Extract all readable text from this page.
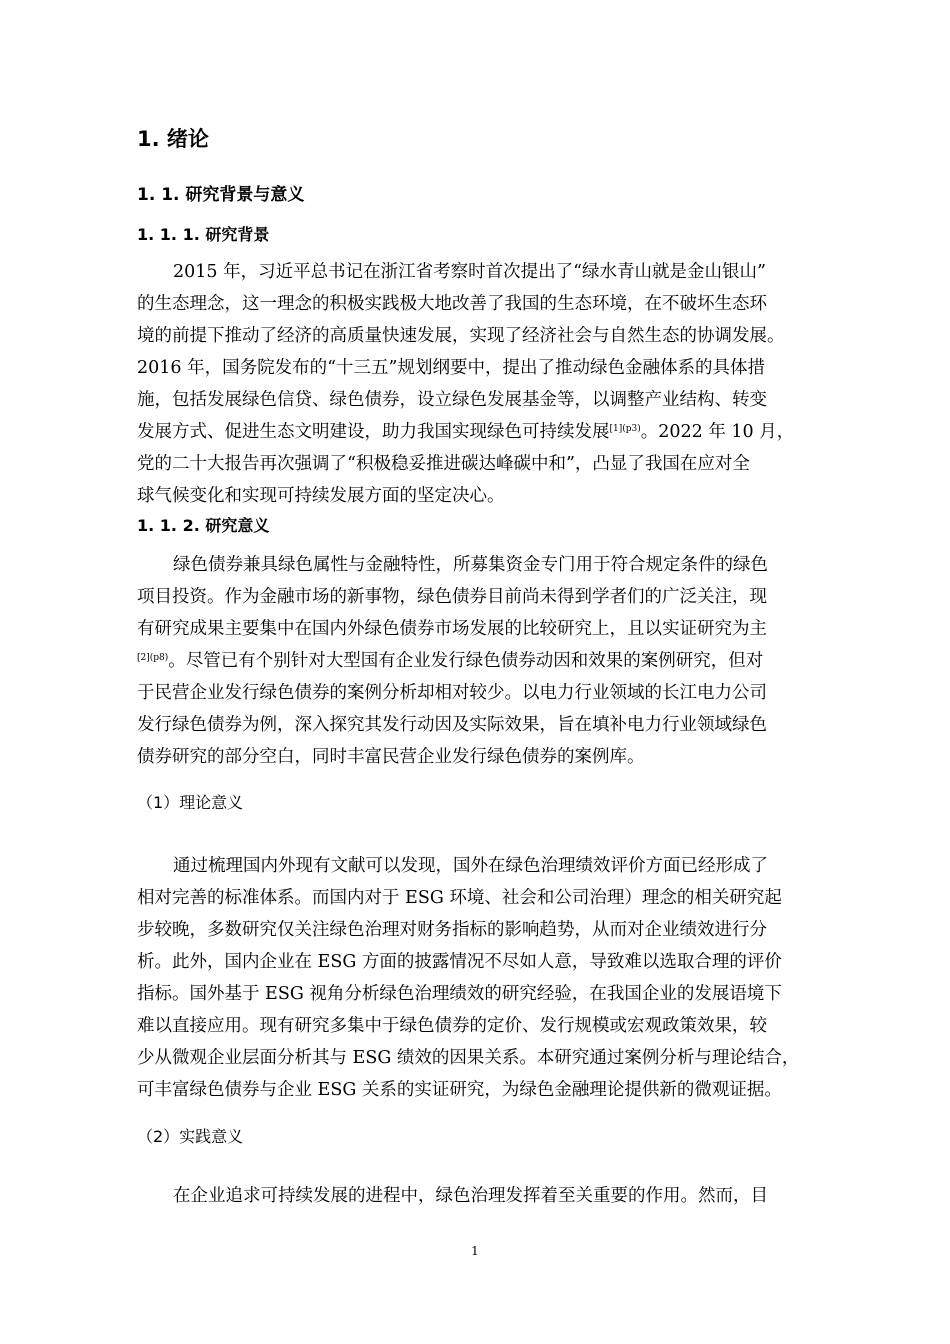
1. 绪论
1. 1. 研究背景与意义
1. 1. 1. 研究背景
2015 年，习近平总书记在浙江省考察时首次提出了“绿水青山就是金山银山”
的生态理念，这一理念的积极实践极大地改善了我国的生态环境，在不破坏生态环
境的前提下推动了经济的高质量快速发展，实现了经济社会与自然生态的协调发展。
2016 年，国务院发布的“十三五”规划纲要中，提出了推动绿色金融体系的具体措
施，包括发展绿色信贷、绿色债券，设立绿色发展基金等，以调整产业结构、转变
发展方式、促进生态文明建设，助力我国实现绿色可持续发展$^{[1](p3)}$。2022 年 10 月，
党的二十大报告再次强调了“积极稳妥推进碳达峰碳中和”，凸显了我国在应对全
球气候变化和实现可持续发展方面的坚定决心。
1. 1. 2. 研究意义
绿色债券兼具绿色属性与金融特性，所募集资金专门用于符合规定条件的绿色
项目投资。作为金融市场的新事物，绿色债券目前尚未得到学者们的广泛关注，现
有研究成果主要集中在国内外绿色债券市场发展的比较研究上，且以实证研究为主
$^{[2](p8)}$。尽管已有个别针对大型国有企业发行绿色债券动因和效果的案例研究，但对
于民营企业发行绿色债券的案例分析却相对较少。以电力行业领域的长江电力公司
发行绿色债券为例，深入探究其发行动因及实际效果，旨在填补电力行业领域绿色
债券研究的部分空白，同时丰富民营企业发行绿色债券的案例库。
（1）理论意义
通过梳理国内外现有文献可以发现，国外在绿色治理绩效评价方面已经形成了
相对完善的标准体系。而国内对于 ESG 环境、社会和公司治理）理念的相关研究起
步较晚，多数研究仅关注绿色治理对财务指标的影响趋势，从而对企业绩效进行分
析。此外，国内企业在 ESG 方面的披露情况不尽如人意，导致难以选取合理的评价
指标。国外基于 ESG 视角分析绿色治理绩效的研究经验，在我国企业的发展语境下
难以直接应用。现有研究多集中于绿色债券的定价、发行规模或宏观政策效果，较
少从微观企业层面分析其与 ESG 绩效的因果关系。本研究通过案例分析与理论结合，
可丰富绿色债券与企业 ESG 关系的实证研究，为绿色金融理论提供新的微观证据。
（2）实践意义
在企业追求可持续发展的进程中，绿色治理发挥着至关重要的作用。然而，目
1
